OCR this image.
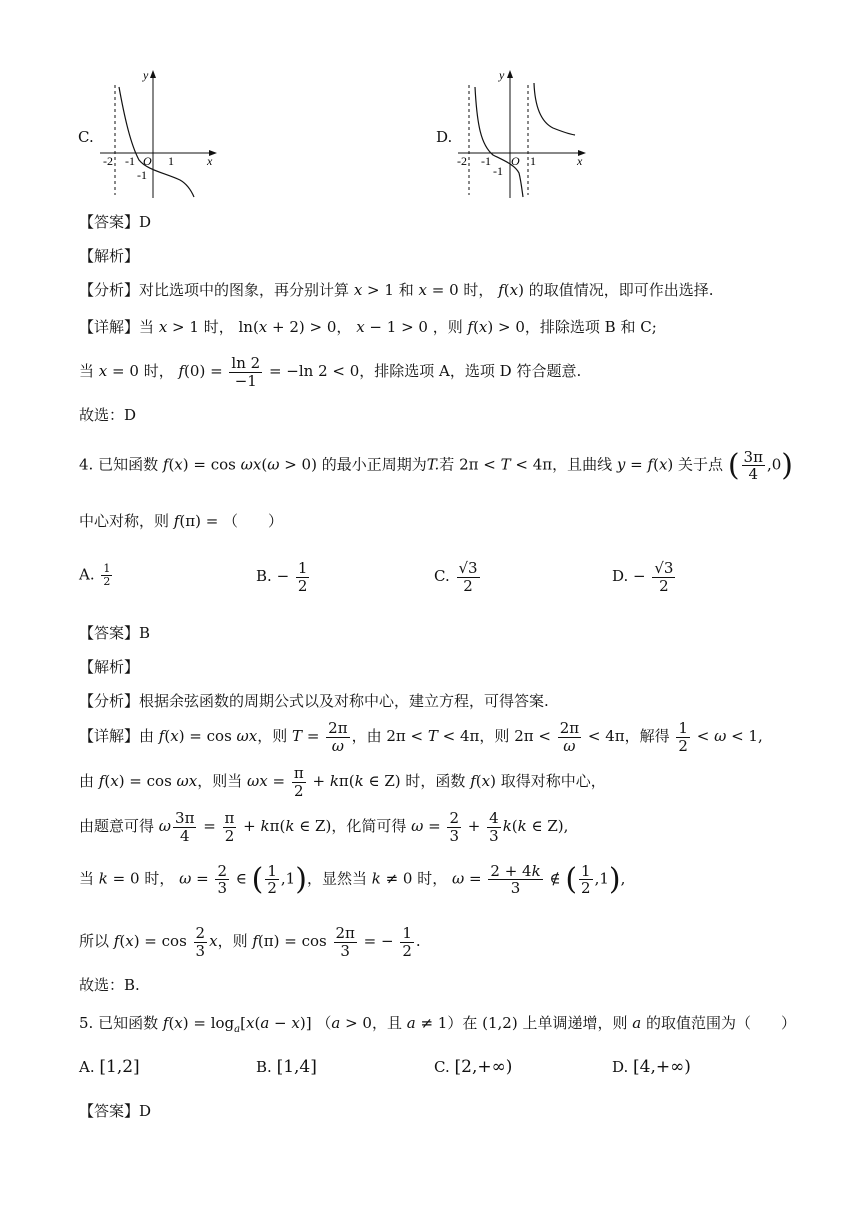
C.
y
x
O
-2 -1	1
-1
D.
y
x
O
-2 -1	1
-1
【答案】D
【解析】
【分析】对比选项中的图象，再分别计算 x > 1 和 x = 0 时， f(x) 的取值情况，即可作出选择.
【详解】当 x > 1 时， ln(x + 2) > 0， x − 1 > 0 ，则 f(x) > 0，排除选项 B 和 C;
当 x = 0 时， $f(0) = \frac{\ln 2}{-1} = -\ln$ 2 < 0，排除选项 A，选项 D 符合题意.
故选：D
4. 已知函数 f(x) = cos ωx(ω > 0) 的最小正周期为T.若 2π < T < 4π，且曲线 y = f(x) 关于点 ( $\frac{3\pi}{4} ,0$)
中心对称，则 f(π) = （　　）
A. $\frac{1}{2}$	B. − $\frac{1}{2}$	C. $\frac{√3}{2}$	D. − $\frac{√3}{2}$
【答案】B
【解析】
【分析】根据余弦函数的周期公式以及对称中心，建立方程，可得答案.
【详解】由 f(x) = cos ωx，则 $T = \frac{2\pi}{\omega}$ ，由 2π < T < 4π，则 $2\pi < \frac{2\pi}{\omega} < 4\pi$，解得 $\frac{1}{2} < \omega < 1$,
由 f(x) = cos ωx，则当 $\omega x = \frac{\pi}{2} + k\pi(k$ ∈ Z) 时，函数 f(x) 取得对称中心，
由题意可得 ω $\frac{3\pi}{4} = \frac{\pi}{2} + k\pi(k$ ∈ Z)，化简可得 $\omega = \frac{2}{3} + \frac{4}{3} k(k$ ∈ Z),
当 k = 0 时， $\omega = \frac{2}{3}$ ∈ ( $\frac{1}{2} ,1$)，显然当 k ≠ 0 时， $\omega = \frac{2 + 4k}{3}$ ∉ ( $\frac{1}{2} ,1$),
所以 $f(x) = \cos \frac{2}{3}$ x，则 $f(\pi) = \cos \frac{2\pi}{3}$ = − $\frac{1}{2}$ .
故选：B.
5. 已知函数 $f(x) = \log_a[x(a - x)] (a > 0$，且 a ≠ 1）在 (1,2) 上单调递增，则 a 的取值范围为（　　）
A. [1,2]	B. [1,4]	C. [2,+∞)	D. [4,+∞)
【答案】D
